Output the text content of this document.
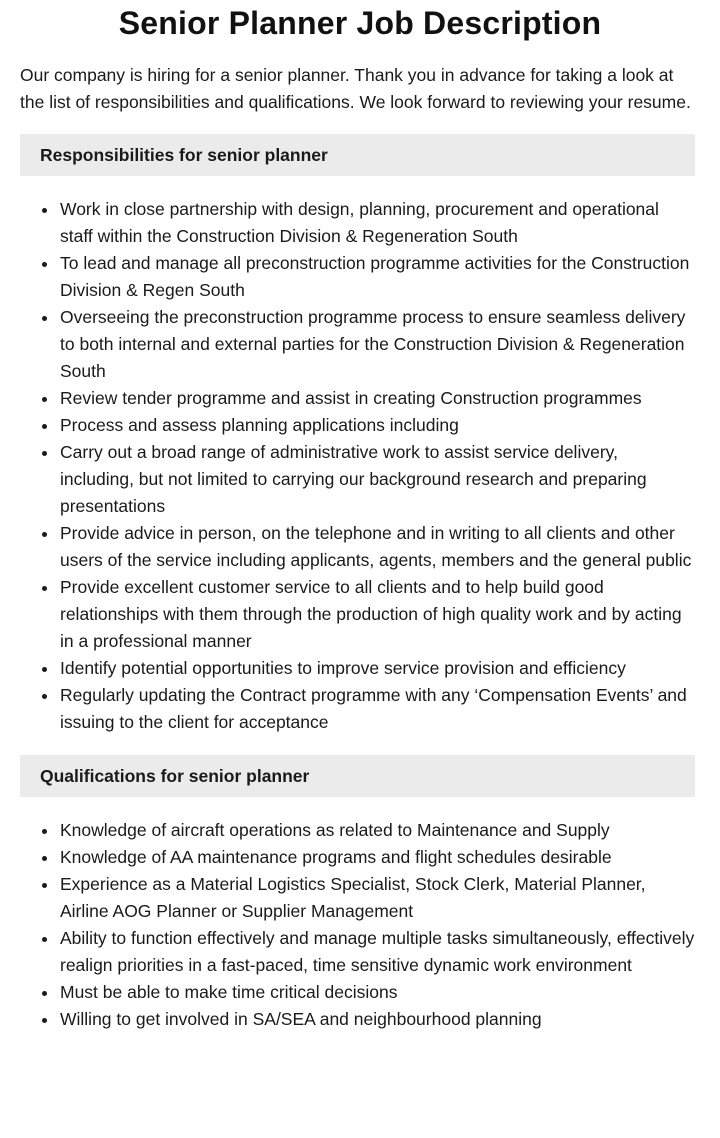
Senior Planner Job Description

Our company is hiring for a senior planner. Thank you in advance for taking a look at the list of responsibilities and qualifications. We look forward to reviewing your resume.

Responsibilities for senior planner
Work in close partnership with design, planning, procurement and operational staff within the Construction Division & Regeneration South
To lead and manage all preconstruction programme activities for the Construction Division & Regen South
Overseeing the preconstruction programme process to ensure seamless delivery to both internal and external parties for the Construction Division & Regeneration South
Review tender programme and assist in creating Construction programmes
Process and assess planning applications including
Carry out a broad range of administrative work to assist service delivery, including, but not limited to carrying our background research and preparing presentations
Provide advice in person, on the telephone and in writing to all clients and other users of the service including applicants, agents, members and the general public
Provide excellent customer service to all clients and to help build good relationships with them through the production of high quality work and by acting in a professional manner
Identify potential opportunities to improve service provision and efficiency
Regularly updating the Contract programme with any ‘Compensation Events’ and issuing to the client for acceptance
Qualifications for senior planner
Knowledge of aircraft operations as related to Maintenance and Supply
Knowledge of AA maintenance programs and flight schedules desirable
Experience as a Material Logistics Specialist, Stock Clerk, Material Planner, Airline AOG Planner or Supplier Management
Ability to function effectively and manage multiple tasks simultaneously, effectively realign priorities in a fast-paced, time sensitive dynamic work environment
Must be able to make time critical decisions
Willing to get involved in SA/SEA and neighbourhood planning
